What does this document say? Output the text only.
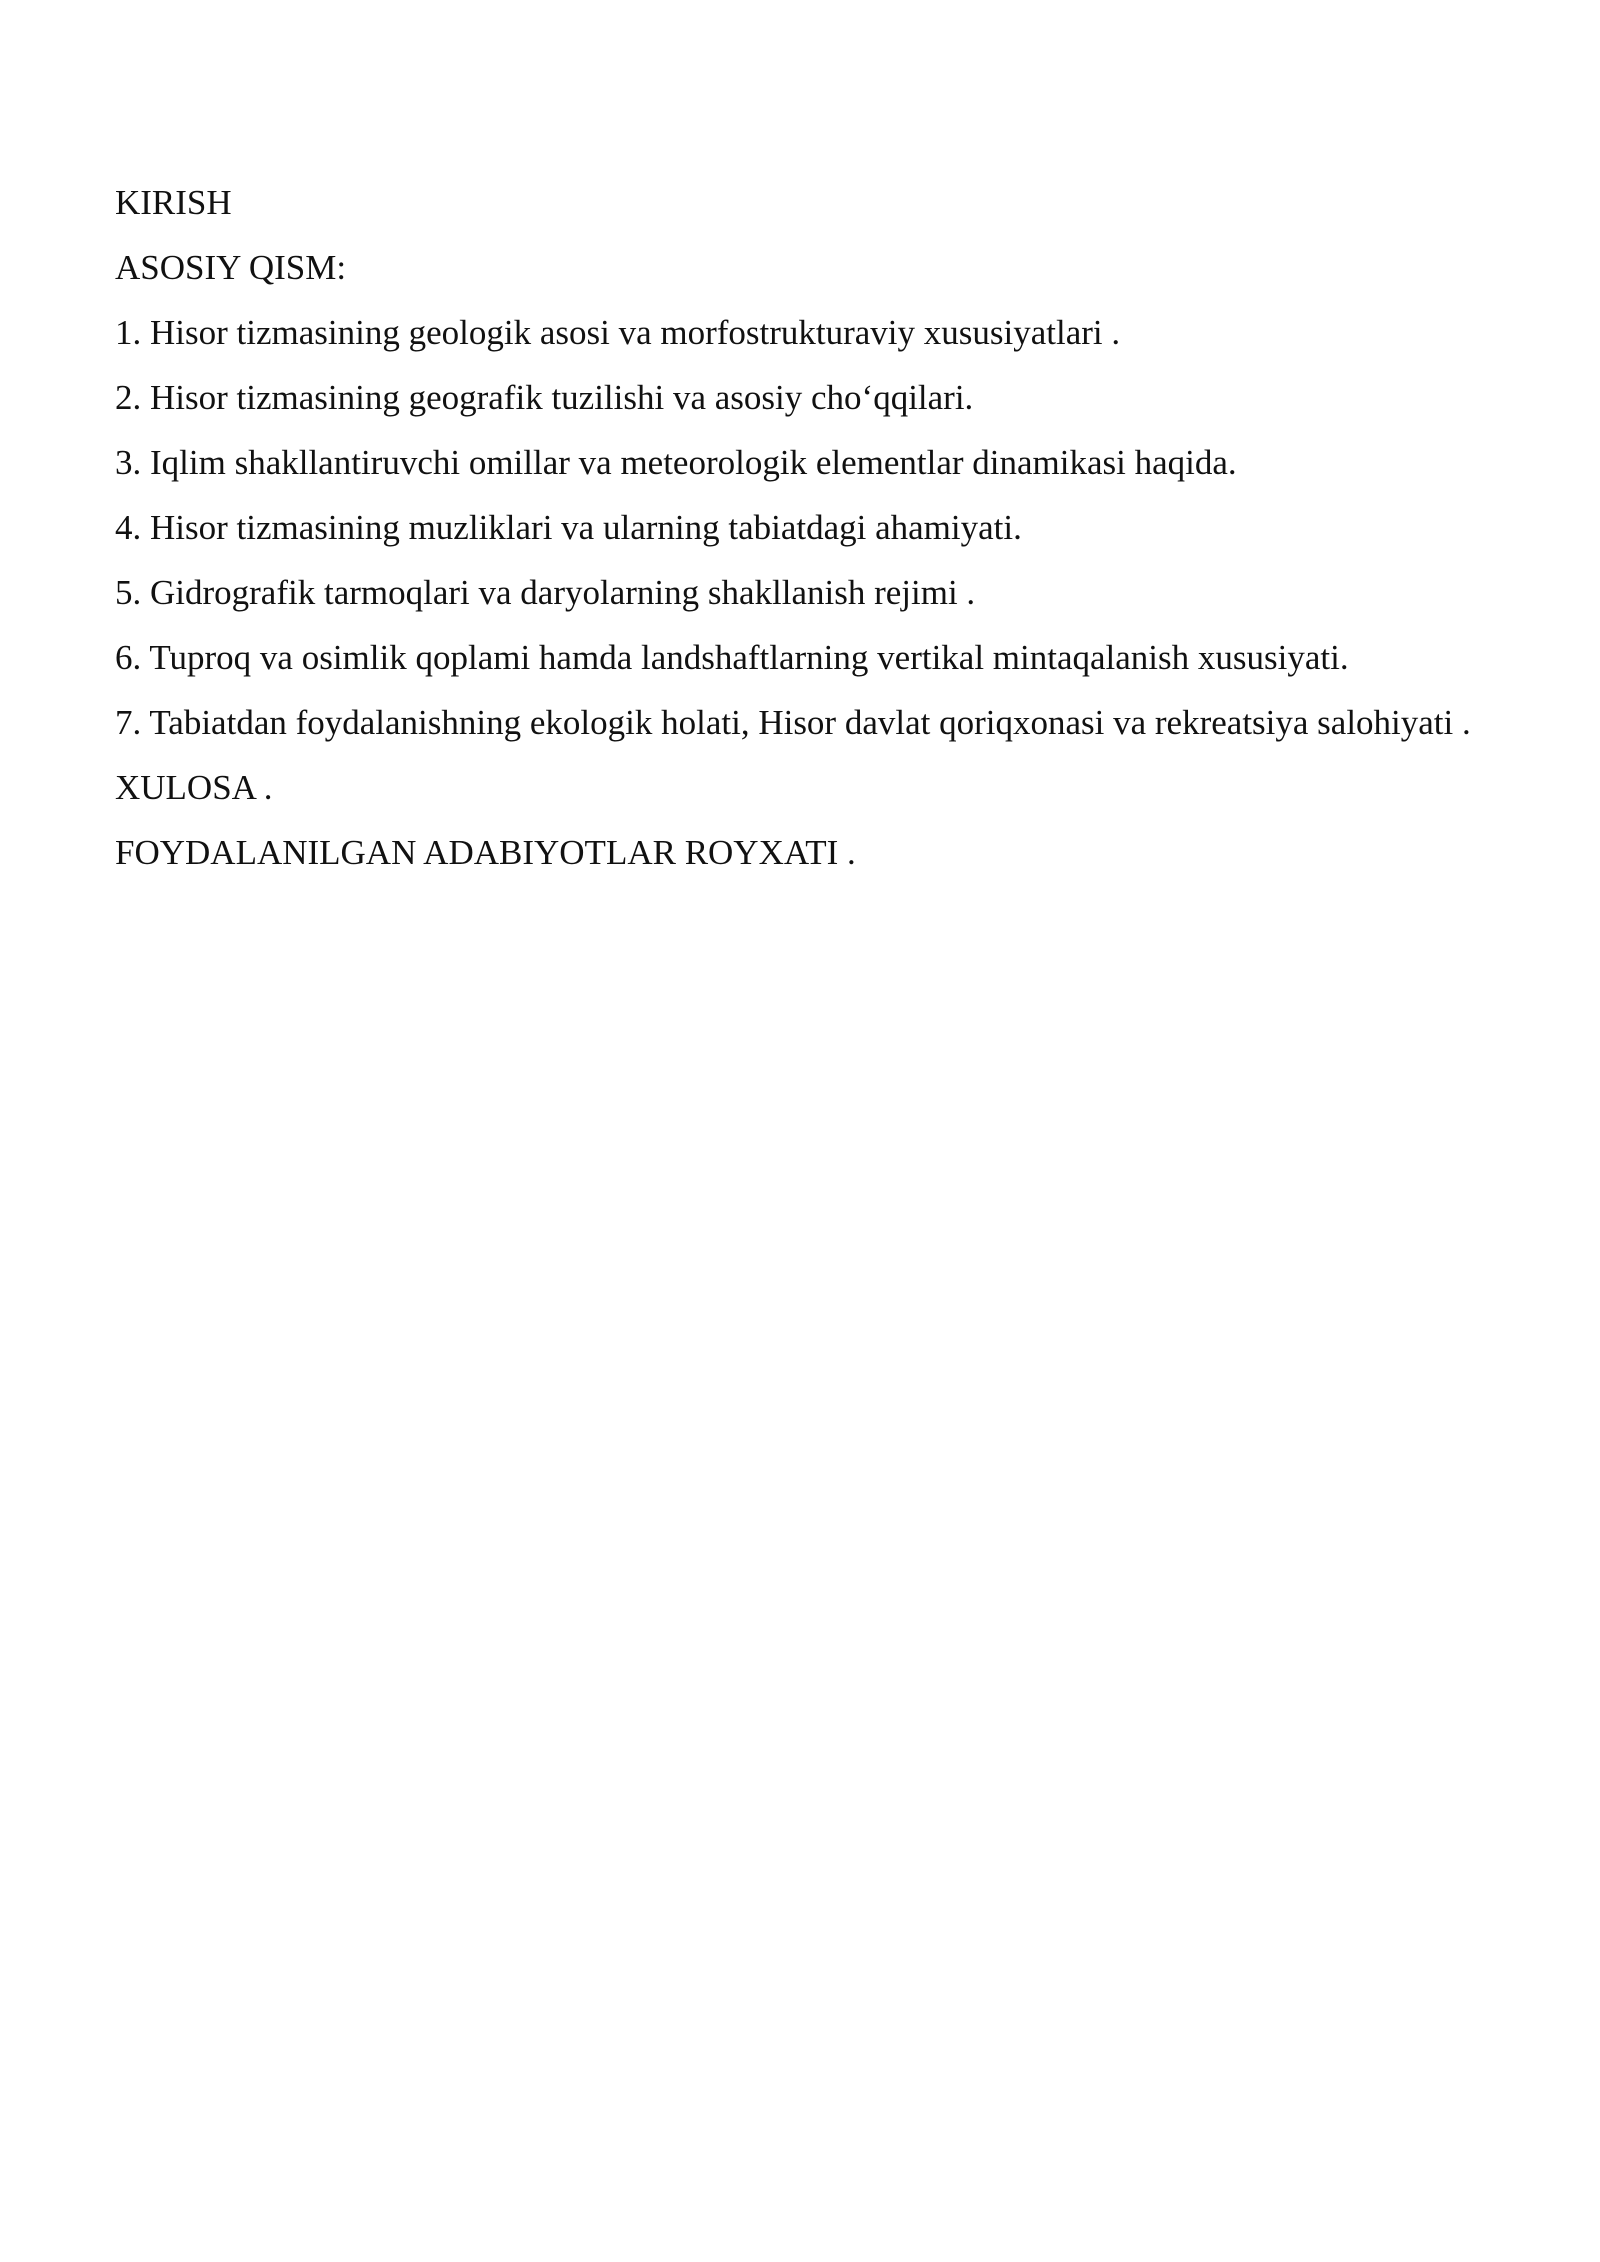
KIRISH
ASOSIY QISM:
1. Hisor tizmasining geologik asosi va morfostrukturaviy xususiyatlari .
2. Hisor tizmasining geografik tuzilishi va asosiy cho‘qqilari.
3. Iqlim shakllantiruvchi omillar va meteorologik elementlar dinamikasi haqida.
4. Hisor tizmasining muzliklari va ularning tabiatdagi ahamiyati.
5. Gidrografik tarmoqlari va daryolarning shakllanish rejimi .
6. Tuproq va osimlik qoplami hamda landshaftlarning vertikal mintaqalanish xususiyati.
7. Tabiatdan foydalanishning ekologik holati, Hisor davlat qoriqxonasi va rekreatsiya salohiyati .
XULOSA .
FOYDALANILGAN ADABIYOTLAR ROYXATI .
